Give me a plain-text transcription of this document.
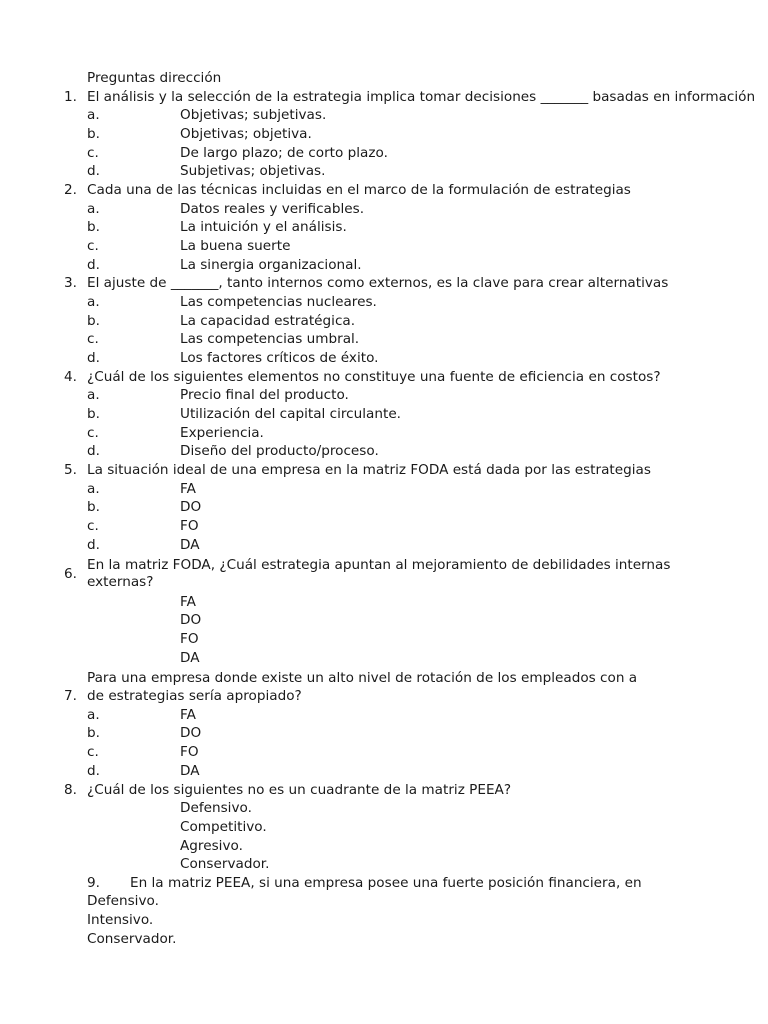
Preguntas dirección
1. El análisis y la selección de la estrategia implica tomar decisiones _______ basadas en información
a.	Objetivas; subjetivas.
b.	Objetivas; objetiva.
c.	De largo plazo; de corto plazo.
d.	Subjetivas; objetivas.
2. Cada una de las técnicas incluidas en el marco de la formulación de estrategias
a.	Datos reales y verificables.
b.	La intuición y el análisis.
c.	La buena suerte
d.	La sinergia organizacional.
3. El ajuste de _______, tanto internos como externos, es la clave para crear alternativas
a.	Las competencias nucleares.
b.	La capacidad estratégica.
c.	Las competencias umbral.
d.	Los factores críticos de éxito.
4. ¿Cuál de los siguientes elementos no constituye una fuente de eficiencia en costos?
a.	Precio final del producto.
b.	Utilización del capital circulante.
c.	Experiencia.
d.	Diseño del producto/proceso.
5. La situación ideal de una empresa en la matriz FODA está dada por las estrategias
a.	FA
b.	DO
c.	FO
d.	DA
6.
En la matriz FODA, ¿Cuál estrategia apuntan al mejoramiento de debilidades internas
externas?
FA
DO
FO
DA
Para una empresa donde existe un alto nivel de rotación de los empleados con a
7. de estrategias sería apropiado?
a.	FA
b.	DO
c.	FO
d.	DA
8. ¿Cuál de los siguientes no es un cuadrante de la matriz PEEA?
Defensivo.
Competitivo.
Agresivo.
Conservador.
9. En la matriz PEEA, si una empresa posee una fuerte posición financiera, en
Defensivo.
Intensivo.
Conservador.
